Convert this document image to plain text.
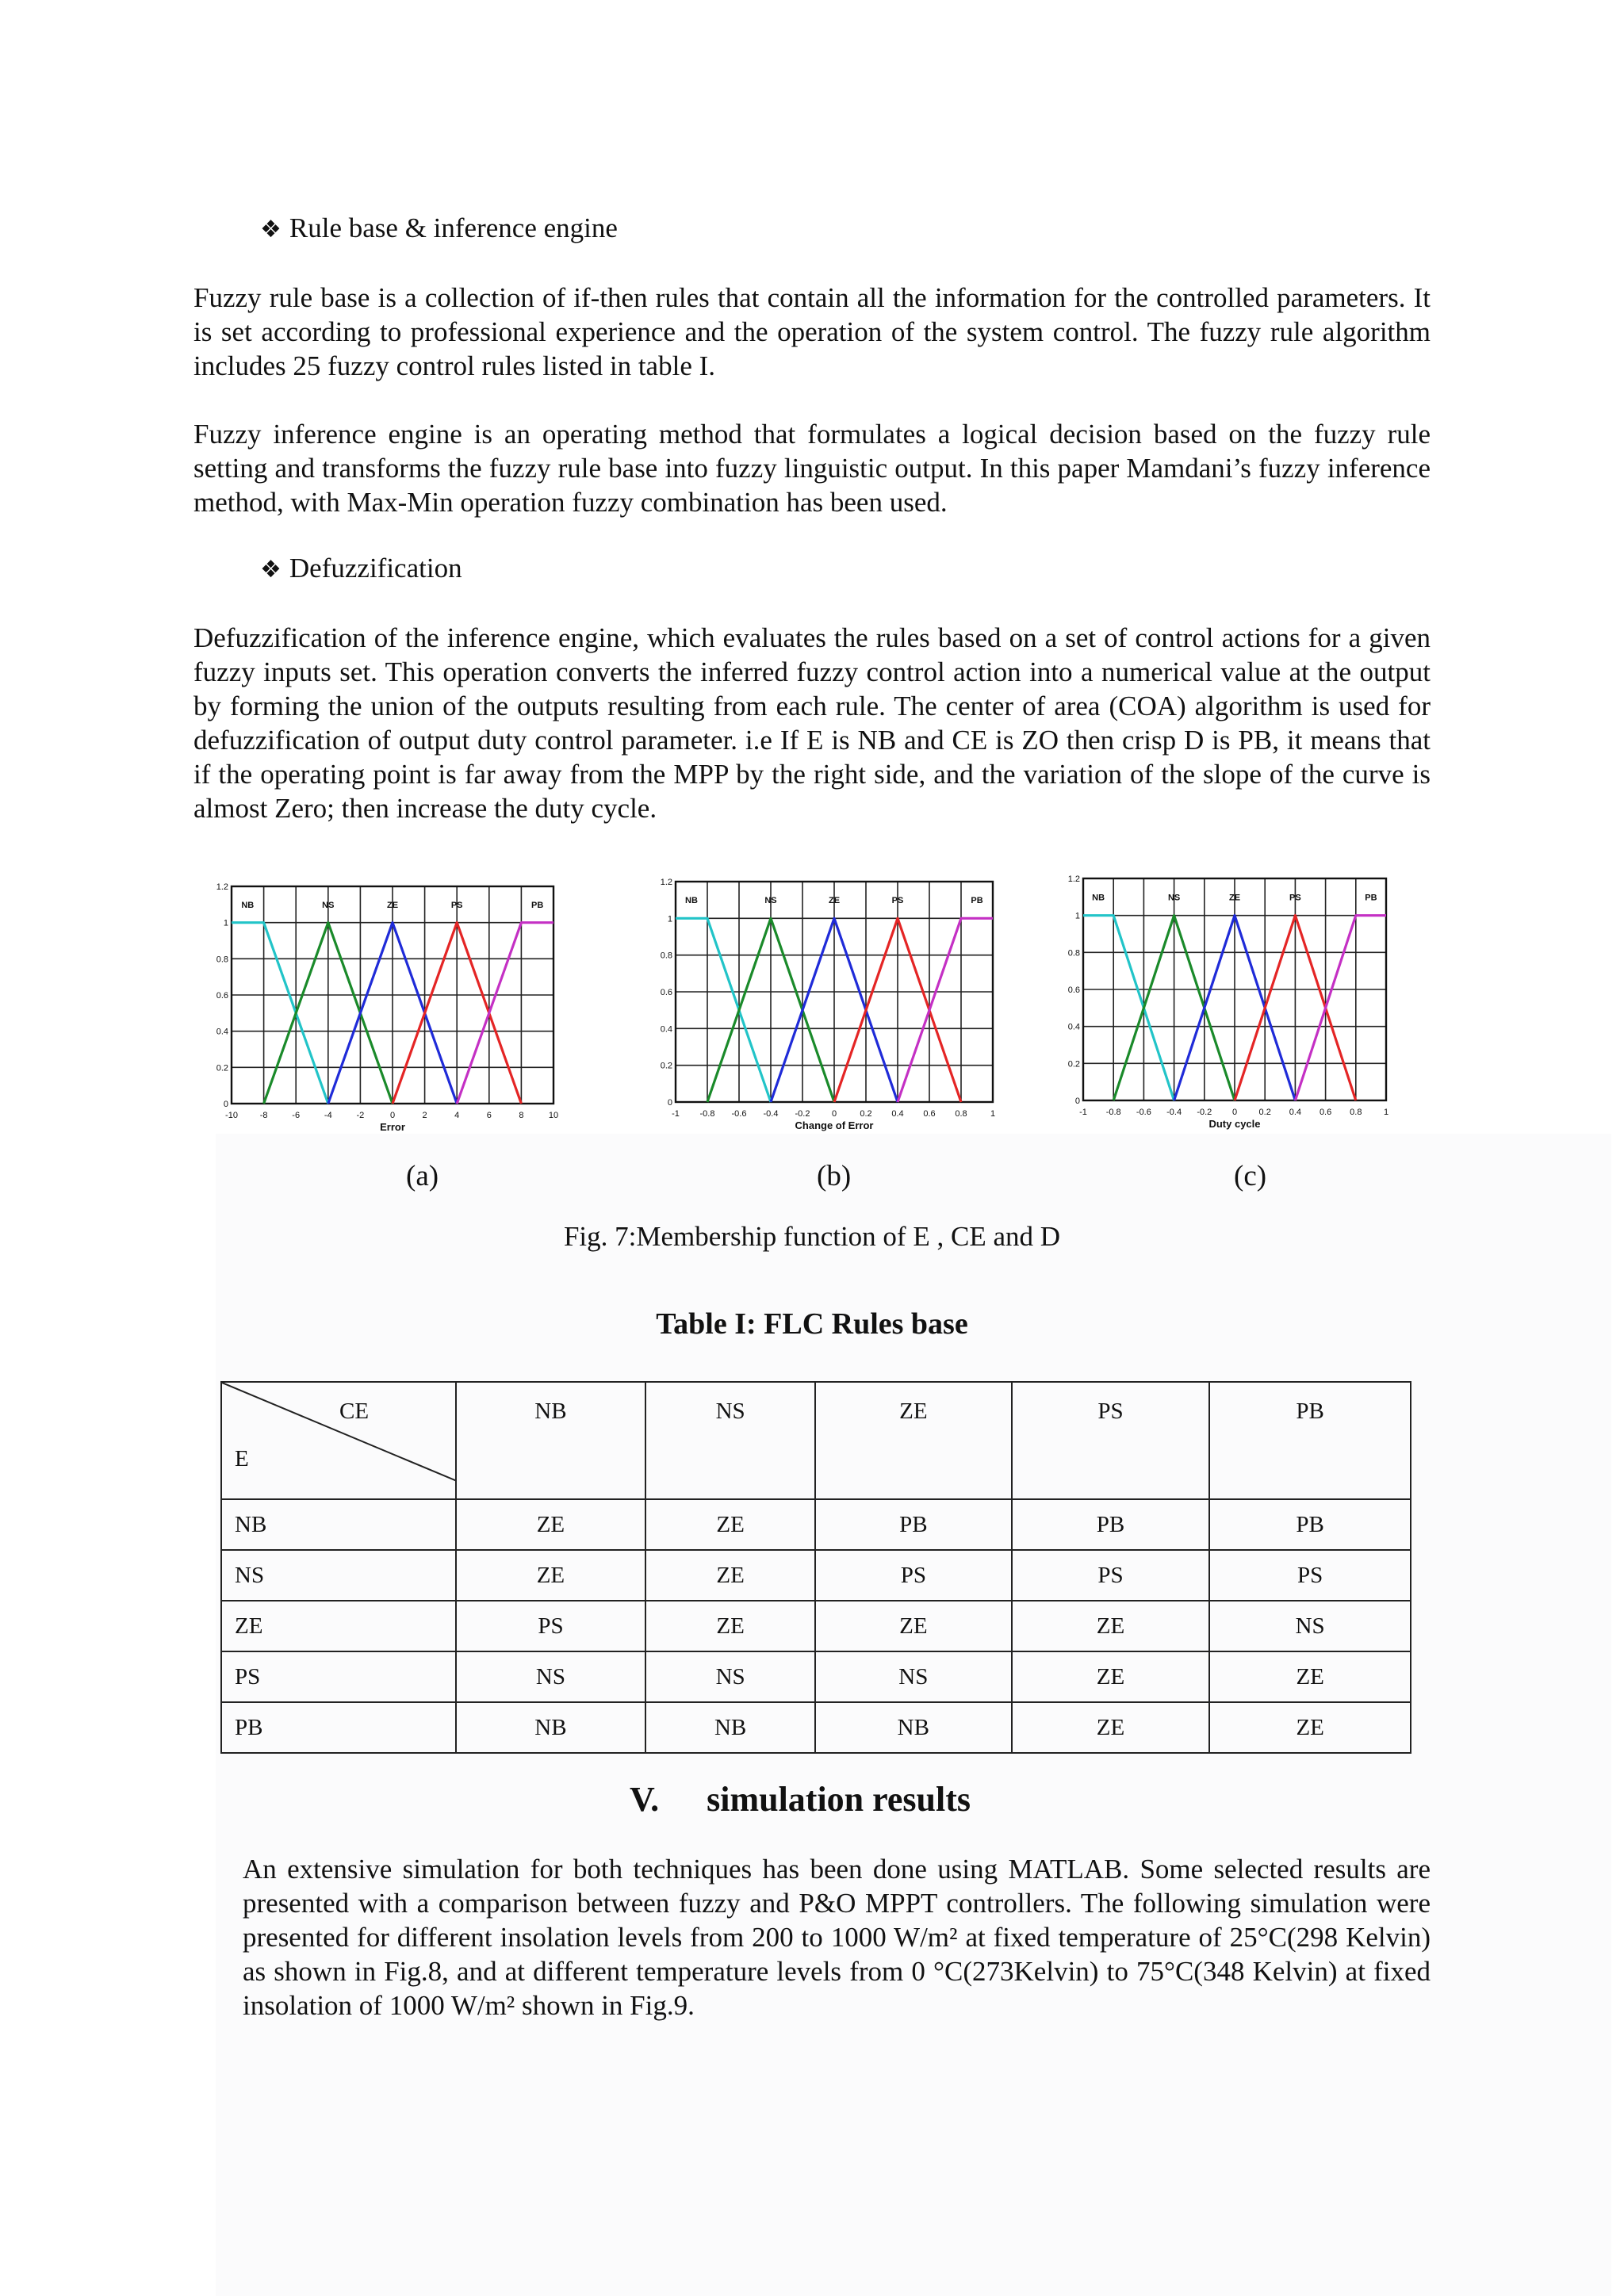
❖ Rule base & inference engine
Fuzzy rule base is a collection of if-then rules that contain all the information for the controlled parameters. It is set according to professional experience and the operation of the system control. The fuzzy rule algorithm includes 25 fuzzy control rules listed in table I.
Fuzzy inference engine is an operating method that formulates a logical decision based on the fuzzy rule setting and transforms the fuzzy rule base into fuzzy linguistic output. In this paper Mamdani’s fuzzy inference method, with Max-Min operation fuzzy combination has been used.
❖ Defuzzification
Defuzzification of the inference engine, which evaluates the rules based on a set of control actions for a given fuzzy inputs set. This operation converts the inferred fuzzy control action into a numerical value at the output by forming the union of the outputs resulting from each rule. The center of area (COA) algorithm is used for defuzzification of output duty control parameter. i.e If E is NB and CE is ZO then crisp D is PB, it means that if the operating point is far away from the MPP by the right side, and the variation of the slope of the curve is almost Zero; then increase the duty cycle.
-10	-8	-6	-4	-2	0	2	4	6	8	10
0
0.2
0.4
0.6
0.8
1
1.2
Error
NB	NS	ZE	PS	PB
-1 -0.8 -0.6 -0.4 -0.2 0	0.2 0.4 0.6 0.8	1
0
0.2
0.4
0.6
0.8
1
1.2
Change of Error
NB	NS	ZE	PS	PB
-1 -0.8 -0.6 -0.4 -0.2 0 0.2 0.4 0.6 0.8 1
0
0.2
0.4
0.6
0.8
1
1.2
Duty cycle
NB	NS	ZE	PS	PB
(a)	(b)	(c)
Fig. 7:Membership function of E , CE and D
Table I: FLC Rules base
CE
E	NB	NS	ZE	PS	PB
NB	ZE	ZE	PB	PB	PB
NS	ZE	ZE	PS	PS	PS
ZE	PS	ZE	ZE	ZE	NS
PS	NS	NS	NS	ZE	ZE
PB	NB	NB	NB	ZE	ZE
V. simulation results
An extensive simulation for both techniques has been done using MATLAB. Some selected results are presented with a comparison between fuzzy and P&O MPPT controllers. The following simulation were presented for different insolation levels from 200 to 1000 W/m² at fixed temperature of 25°C(298 Kelvin) as shown in Fig.8, and at different temperature levels from 0 °C(273Kelvin) to 75°C(348 Kelvin) at fixed insolation of 1000 W/m² shown in Fig.9.
